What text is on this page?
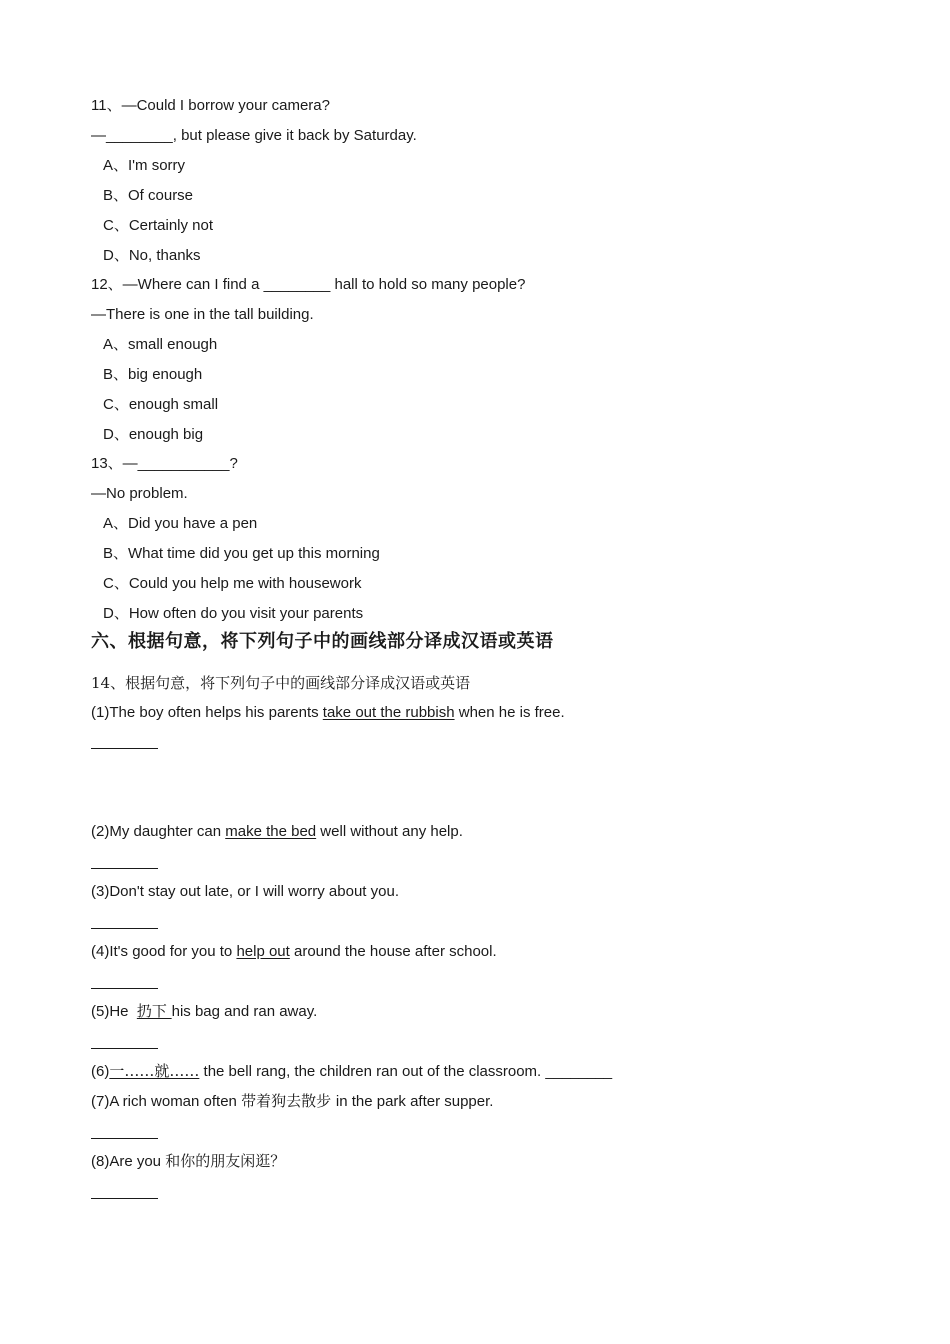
11、—Could I borrow your camera?
—________, but please give it back by Saturday.
A、I'm sorry
B、Of course
C、Certainly not
D、No, thanks
12、—Where can I find a ________ hall to hold so many people?
—There is one in the tall building.
A、small enough
B、big enough
C、enough small
D、enough big
13、—___________?
—No problem.
A、Did you have a pen
B、What time did you get up this morning
C、Could you help me with housework
D、How often do you visit your parents
六、根据句意，将下列句子中的画线部分译成汉语或英语
14、根据句意，将下列句子中的画线部分译成汉语或英语
(1)The boy often helps his parents take out the rubbish when he is free.
(2)My daughter can make the bed well without any help.
(3)Don't stay out late, or I will worry about you.
(4)It's good for you to help out around the house after school.
(5)He  扔下 his bag and ran away.
(6)一……就…… the bell rang, the children ran out of the classroom. ________
(7)A rich woman often 带着狗去散步 in the park after supper.
(8)Are you 和你的朋友闲逛？
